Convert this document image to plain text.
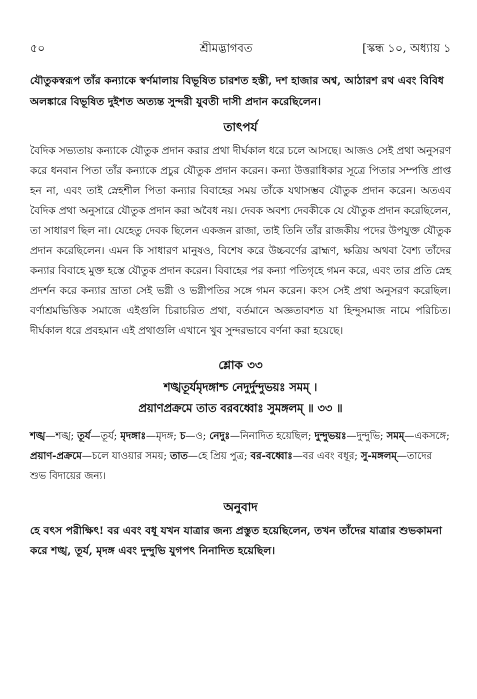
৫০	শ্রীমদ্ভাগবত	[স্কন্ধ ১০, অধ্যায় ১

যৌতুকস্বরূপ তাঁর কন্যাকে স্বর্ণমালায় বিভূষিত চারশত হস্তী, দশ হাজার অশ্ব, আঠারশ রথ এবং বিবিধ অলঙ্কারে বিভূষিত দুইশত অত্যন্ত সুন্দরী যুবতী দাসী প্রদান করেছিলেন।

তাৎপর্য

বৈদিক সভ্যতায় কন্যাকে যৌতুক প্রদান করার প্রথা দীর্ঘকাল ধরে চলে আসছে। আজও সেই প্রথা অনুসরণ করে ধনবান পিতা তাঁর কন্যাকে প্রচুর যৌতুক প্রদান করেন। কন্যা উত্তরাধিকার সূত্রে পিতার সম্পত্তি প্রাপ্ত হন না, এবং তাই স্নেহশীল পিতা কন্যার বিবাহের সময় তাঁকে যথাসম্ভব যৌতুক প্রদান করেন। অতএব বৈদিক প্রথা অনুসারে যৌতুক প্রদান করা অবৈধ নয়। দেবক অবশ্য দেবকীকে যে যৌতুক প্রদান করেছিলেন, তা সাধারণ ছিল না। যেহেতু দেবক ছিলেন একজন রাজা, তাই তিনি তাঁর রাজকীয় পদের উপযুক্ত যৌতুক প্রদান করেছিলেন। এমন কি সাধারণ মানুষও, বিশেষ করে উচ্চবর্ণের ব্রাহ্মণ, ক্ষত্রিয় অথবা বৈশ্য তাঁদের কন্যার বিবাহে মুক্ত হস্তে যৌতুক প্রদান করেন। বিবাহের পর কন্যা পতিগৃহে গমন করে, এবং তার প্রতি স্নেহ প্রদর্শন করে কন্যার ভ্রাতা সেই ভগ্নী ও ভগ্নীপতির সঙ্গে গমন করেন। কংস সেই প্রথা অনুসরণ করেছিল। বর্ণাশ্রমভিত্তিক সমাজে এইগুলি চিরাচরিত প্রথা, বর্তমানে অজ্ঞতাবশত যা হিন্দুসমাজ নামে পরিচিত। দীর্ঘকাল ধরে প্রবহমান এই প্রথাগুলি এখানে খুব সুন্দরভাবে বর্ণনা করা হয়েছে।

শ্লোক ৩৩
শঙ্খতূর্যমৃদঙ্গাশ্চ নেদুর্দুন্দুভয়ঃ সমম্ ।
প্রয়াণপ্রক্রমে তাত বরবধ্বোঃ সুমঙ্গলম্ ॥ ৩৩ ॥

শঙ্খ—শঙ্খ; তূর্য—তূর্য; মৃদঙ্গাঃ—মৃদঙ্গ; চ—ও; নেদুঃ—নিনাদিত হয়েছিল; দুন্দুভয়ঃ—দুন্দুভি; সমম্—একসঙ্গে; প্রয়াণ-প্রক্রমে—চলে যাওয়ার সময়; তাত—হে প্রিয় পুত্র; বর-বধ্বোঃ—বর এবং বধূর; সু-মঙ্গলম্—তাদের শুভ বিদায়ের জন্য।

অনুবাদ

হে বৎস পরীক্ষিৎ! বর এবং বধূ যখন যাত্রার জন্য প্রস্তুত হয়েছিলেন, তখন তাঁদের যাত্রার শুভকামনা করে শঙ্খ, তূর্য, মৃদঙ্গ এবং দুন্দুভি যুগপৎ নিনাদিত হয়েছিল।
